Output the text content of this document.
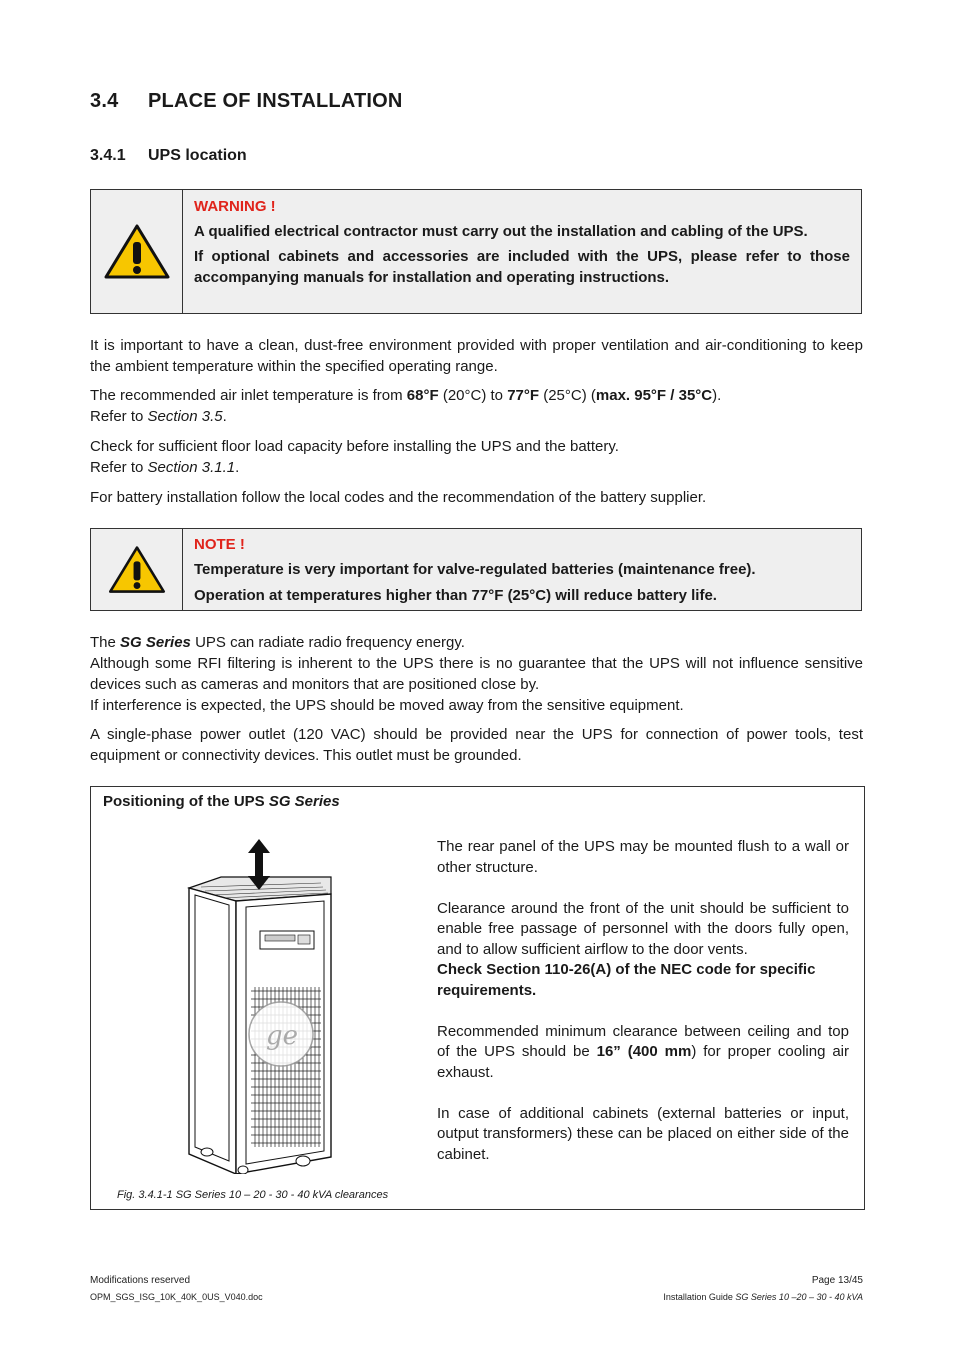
3.4 PLACE OF INSTALLATION
3.4.1 UPS location
WARNING !

A qualified electrical contractor must carry out the installation and cabling of the UPS.

If optional cabinets and accessories are included with the UPS, please refer to those accompanying manuals for installation and operating instructions.

It is important to have a clean, dust-free environment provided with proper ventilation and air-conditioning to keep the ambient temperature within the specified operating range.

The recommended air inlet temperature is from 68°F (20°C) to 77°F (25°C) (max. 95°F / 35°C).

Refer to Section 3.5.

Check for sufficient floor load capacity before installing the UPS and the battery.

Refer to Section 3.1.1.

For battery installation follow the local codes and the recommendation of the battery supplier.

NOTE !

Temperature is very important for valve-regulated batteries (maintenance free).

Operation at temperatures higher than 77°F (25°C) will reduce battery life.

The SG Series UPS can radiate radio frequency energy.

Although some RFI filtering is inherent to the UPS there is no guarantee that the UPS will not influence sensitive devices such as cameras and monitors that are positioned close by.

If interference is expected, the UPS should be moved away from the sensitive equipment.

A single-phase power outlet (120 VAC) should be provided near the UPS for connection of power tools, test equipment or connectivity devices. This outlet must be grounded.

Positioning of the UPS SG Series
ge

The rear panel of the UPS may be mounted flush to a wall or other structure.

Clearance around the front of the unit should be sufficient to enable free passage of personnel with the doors fully open, and to allow sufficient airflow to the door vents.

Check Section 110-26(A) of the NEC code for specific requirements.

Recommended minimum clearance between ceiling and top of the UPS should be 16” (400 mm) for proper cooling air exhaust.

In case of additional cabinets (external batteries or input, output transformers) these can be placed on either side of the cabinet.

Fig. 3.4.1-1 SG Series 10 – 20 - 30 - 40 kVA clearances
Modifications reserved
OPM_SGS_ISG_10K_40K_0US_V040.doc
Page 13/45
Installation Guide SG Series 10 –20 – 30 - 40 kVA
